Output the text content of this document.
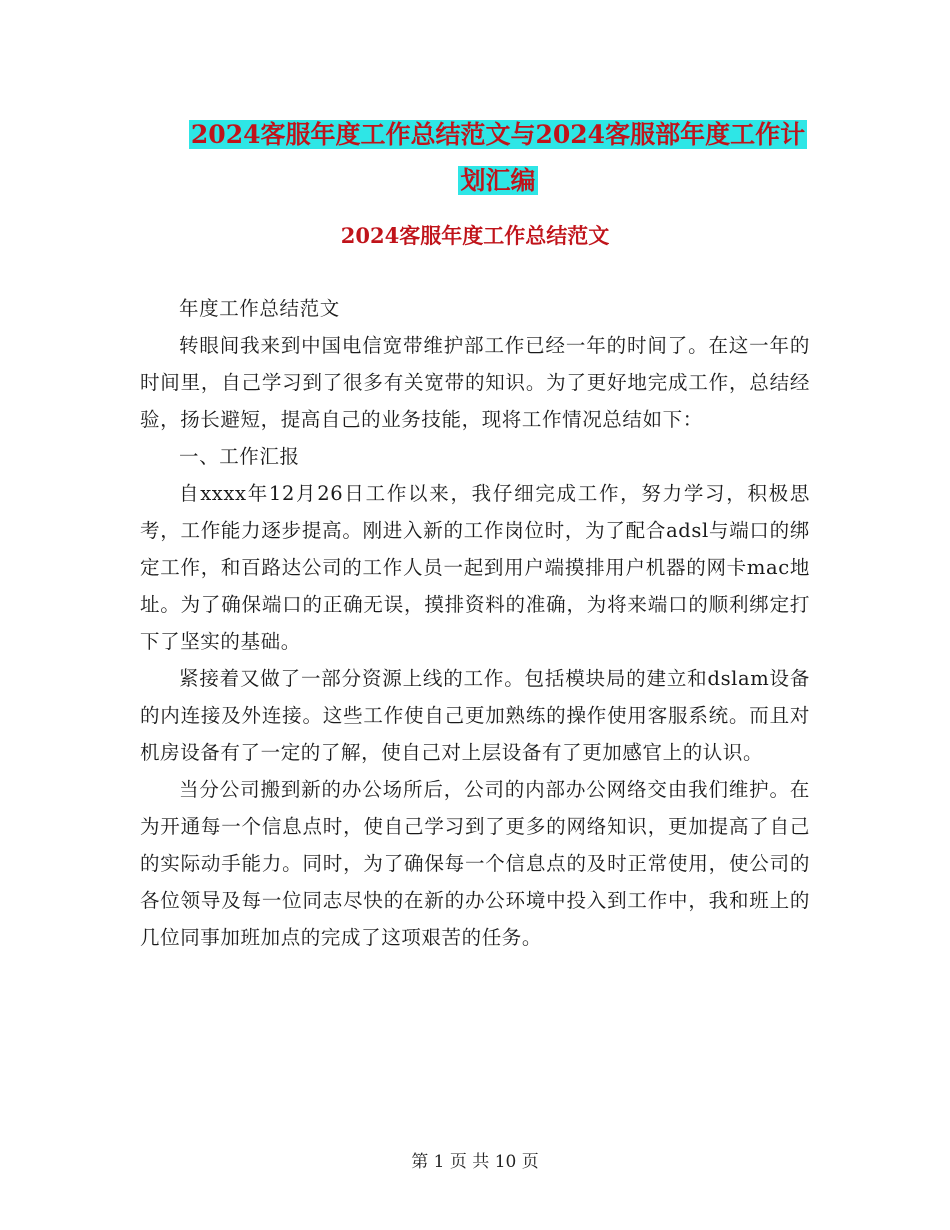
2024客服年度工作总结范文与2024客服部年度工作计
划汇编
2024客服年度工作总结范文

年度工作总结范文

转眼间我来到中国电信宽带维护部工作已经一年的时间了。在这一年的时间里，自己学习到了很多有关宽带的知识。为了更好地完成工作，总结经验，扬长避短，提高自己的业务技能，现将工作情况总结如下：

一、工作汇报

自xxxx年12月26日工作以来，我仔细完成工作，努力学习，积极思考，工作能力逐步提高。刚进入新的工作岗位时，为了配合adsl与端口的绑定工作，和百路达公司的工作人员一起到用户端摸排用户机器的网卡mac地址。为了确保端口的正确无误，摸排资料的准确，为将来端口的顺利绑定打下了坚实的基础。

紧接着又做了一部分资源上线的工作。包括模块局的建立和dslam设备的内连接及外连接。这些工作使自己更加熟练的操作使用客服系统。而且对机房设备有了一定的了解，使自己对上层设备有了更加感官上的认识。

当分公司搬到新的办公场所后，公司的内部办公网络交由我们维护。在为开通每一个信息点时，使自己学习到了更多的网络知识，更加提高了自己的实际动手能力。同时，为了确保每一个信息点的及时正常使用，使公司的各位领导及每一位同志尽快的在新的办公环境中投入到工作中，我和班上的几位同事加班加点的完成了这项艰苦的任务。

第 1 页 共 10 页
